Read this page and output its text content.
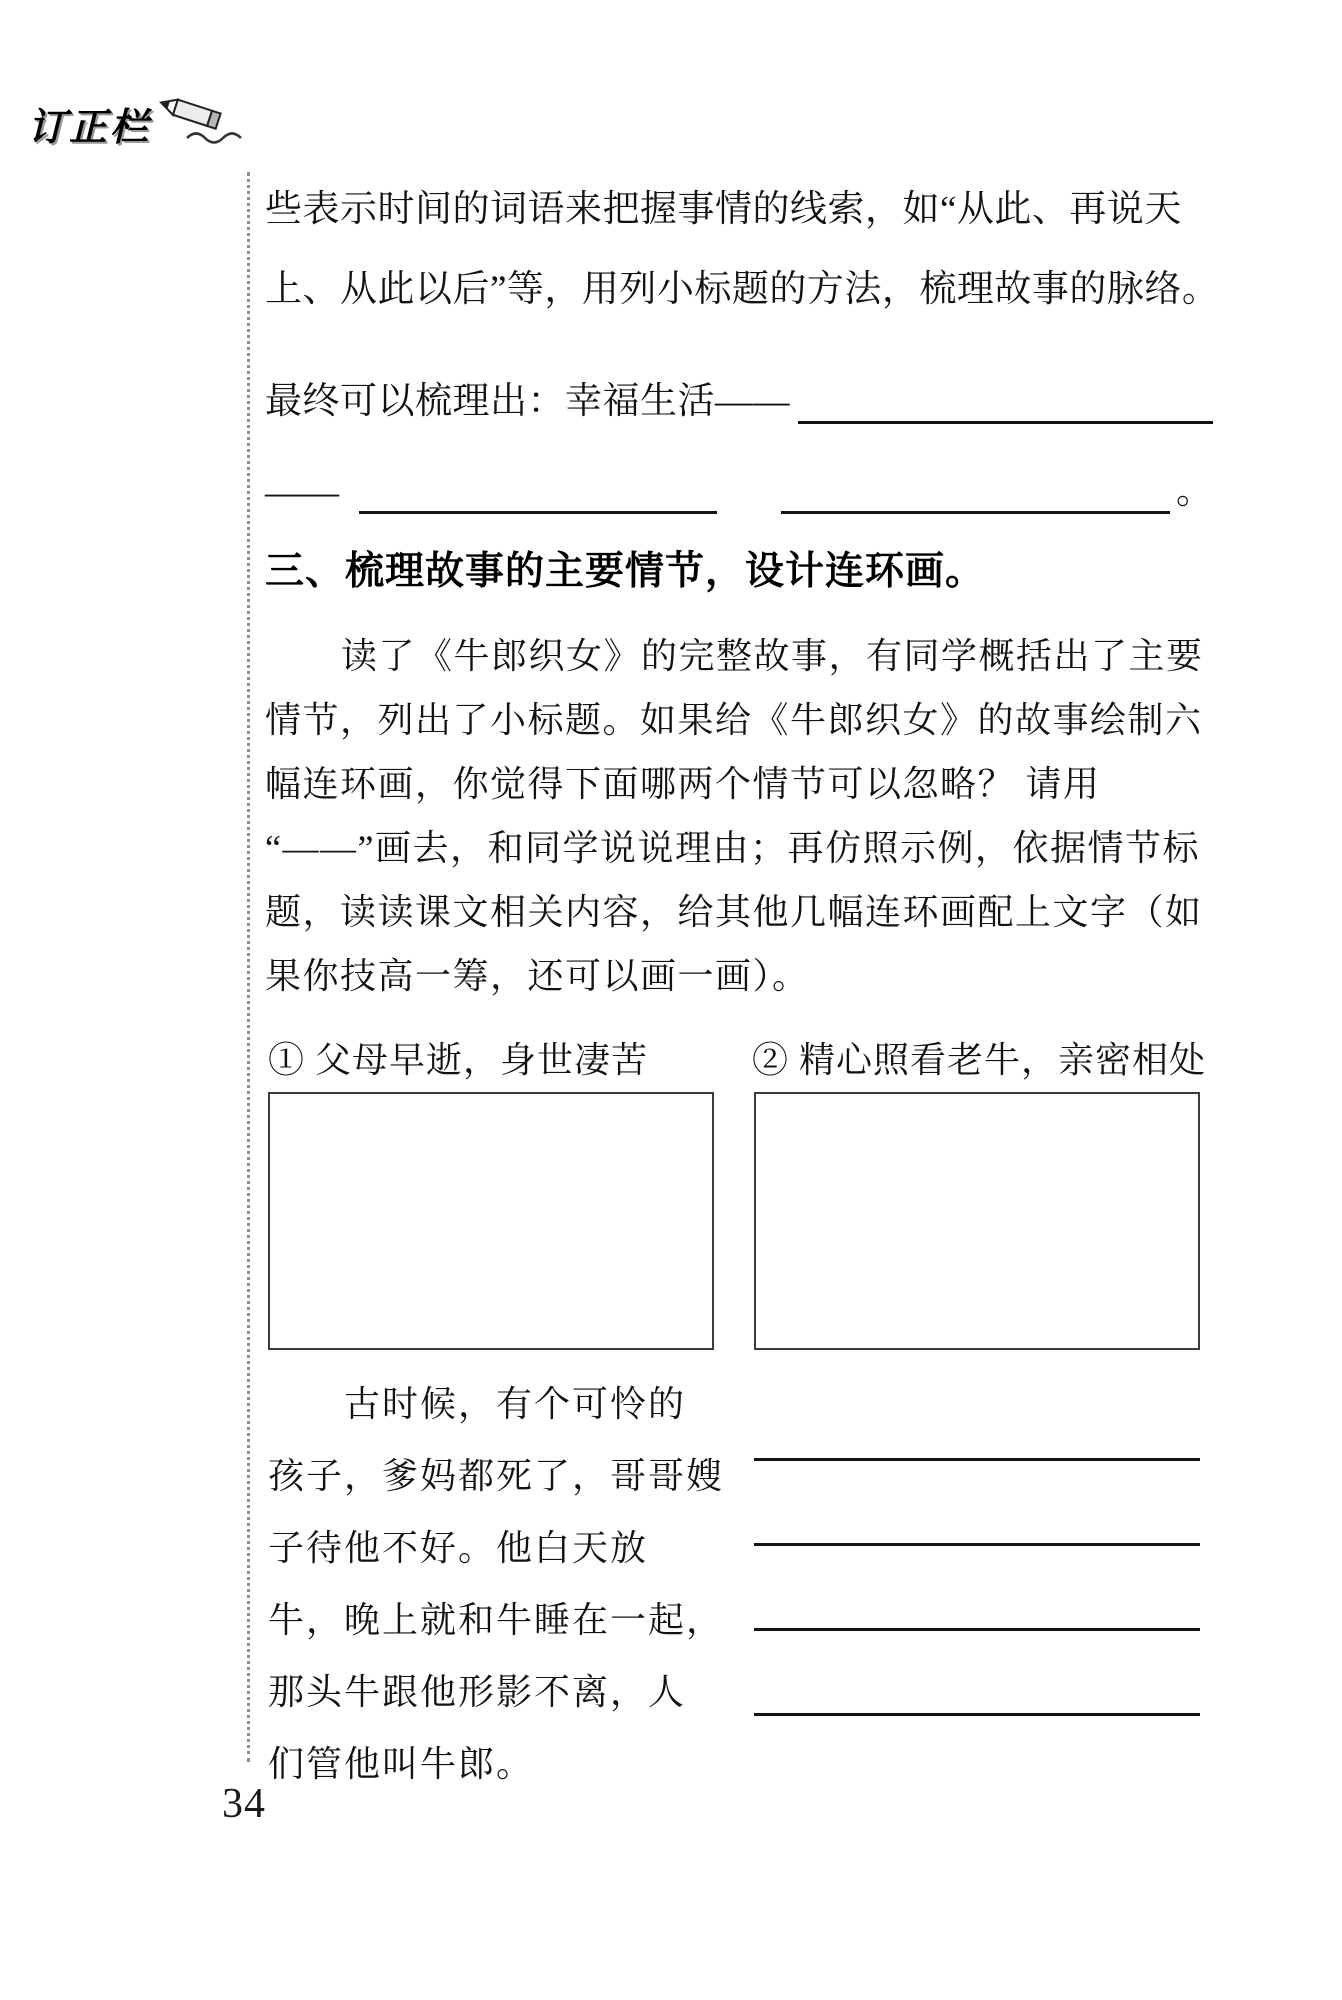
订正栏
些表示时间的词语来把握事情的线索，如“从此、再说天
上、从此以后”等，用列小标题的方法，梳理故事的脉络。
最终可以梳理出：幸福生活——
——	。
三、梳理故事的主要情节，设计连环画。
读了《牛郎织女》的完整故事，有同学概括出了主要
情节，列出了小标题。如果给《牛郎织女》的故事绘制六
幅连环画，你觉得下面哪两个情节可以忽略？ 请用
“——”画去，和同学说说理由；再仿照示例，依据情节标
题，读读课文相关内容，给其他几幅连环画配上文字（如
果你技高一筹，还可以画一画）。
① 父母早逝，身世凄苦	② 精心照看老牛，亲密相处
古时候，有个可怜的
孩子，爹妈都死了，哥哥嫂
子待他不好。他白天放
牛，晚上就和牛睡在一起，
那头牛跟他形影不离，人
们管他叫牛郎。
34
